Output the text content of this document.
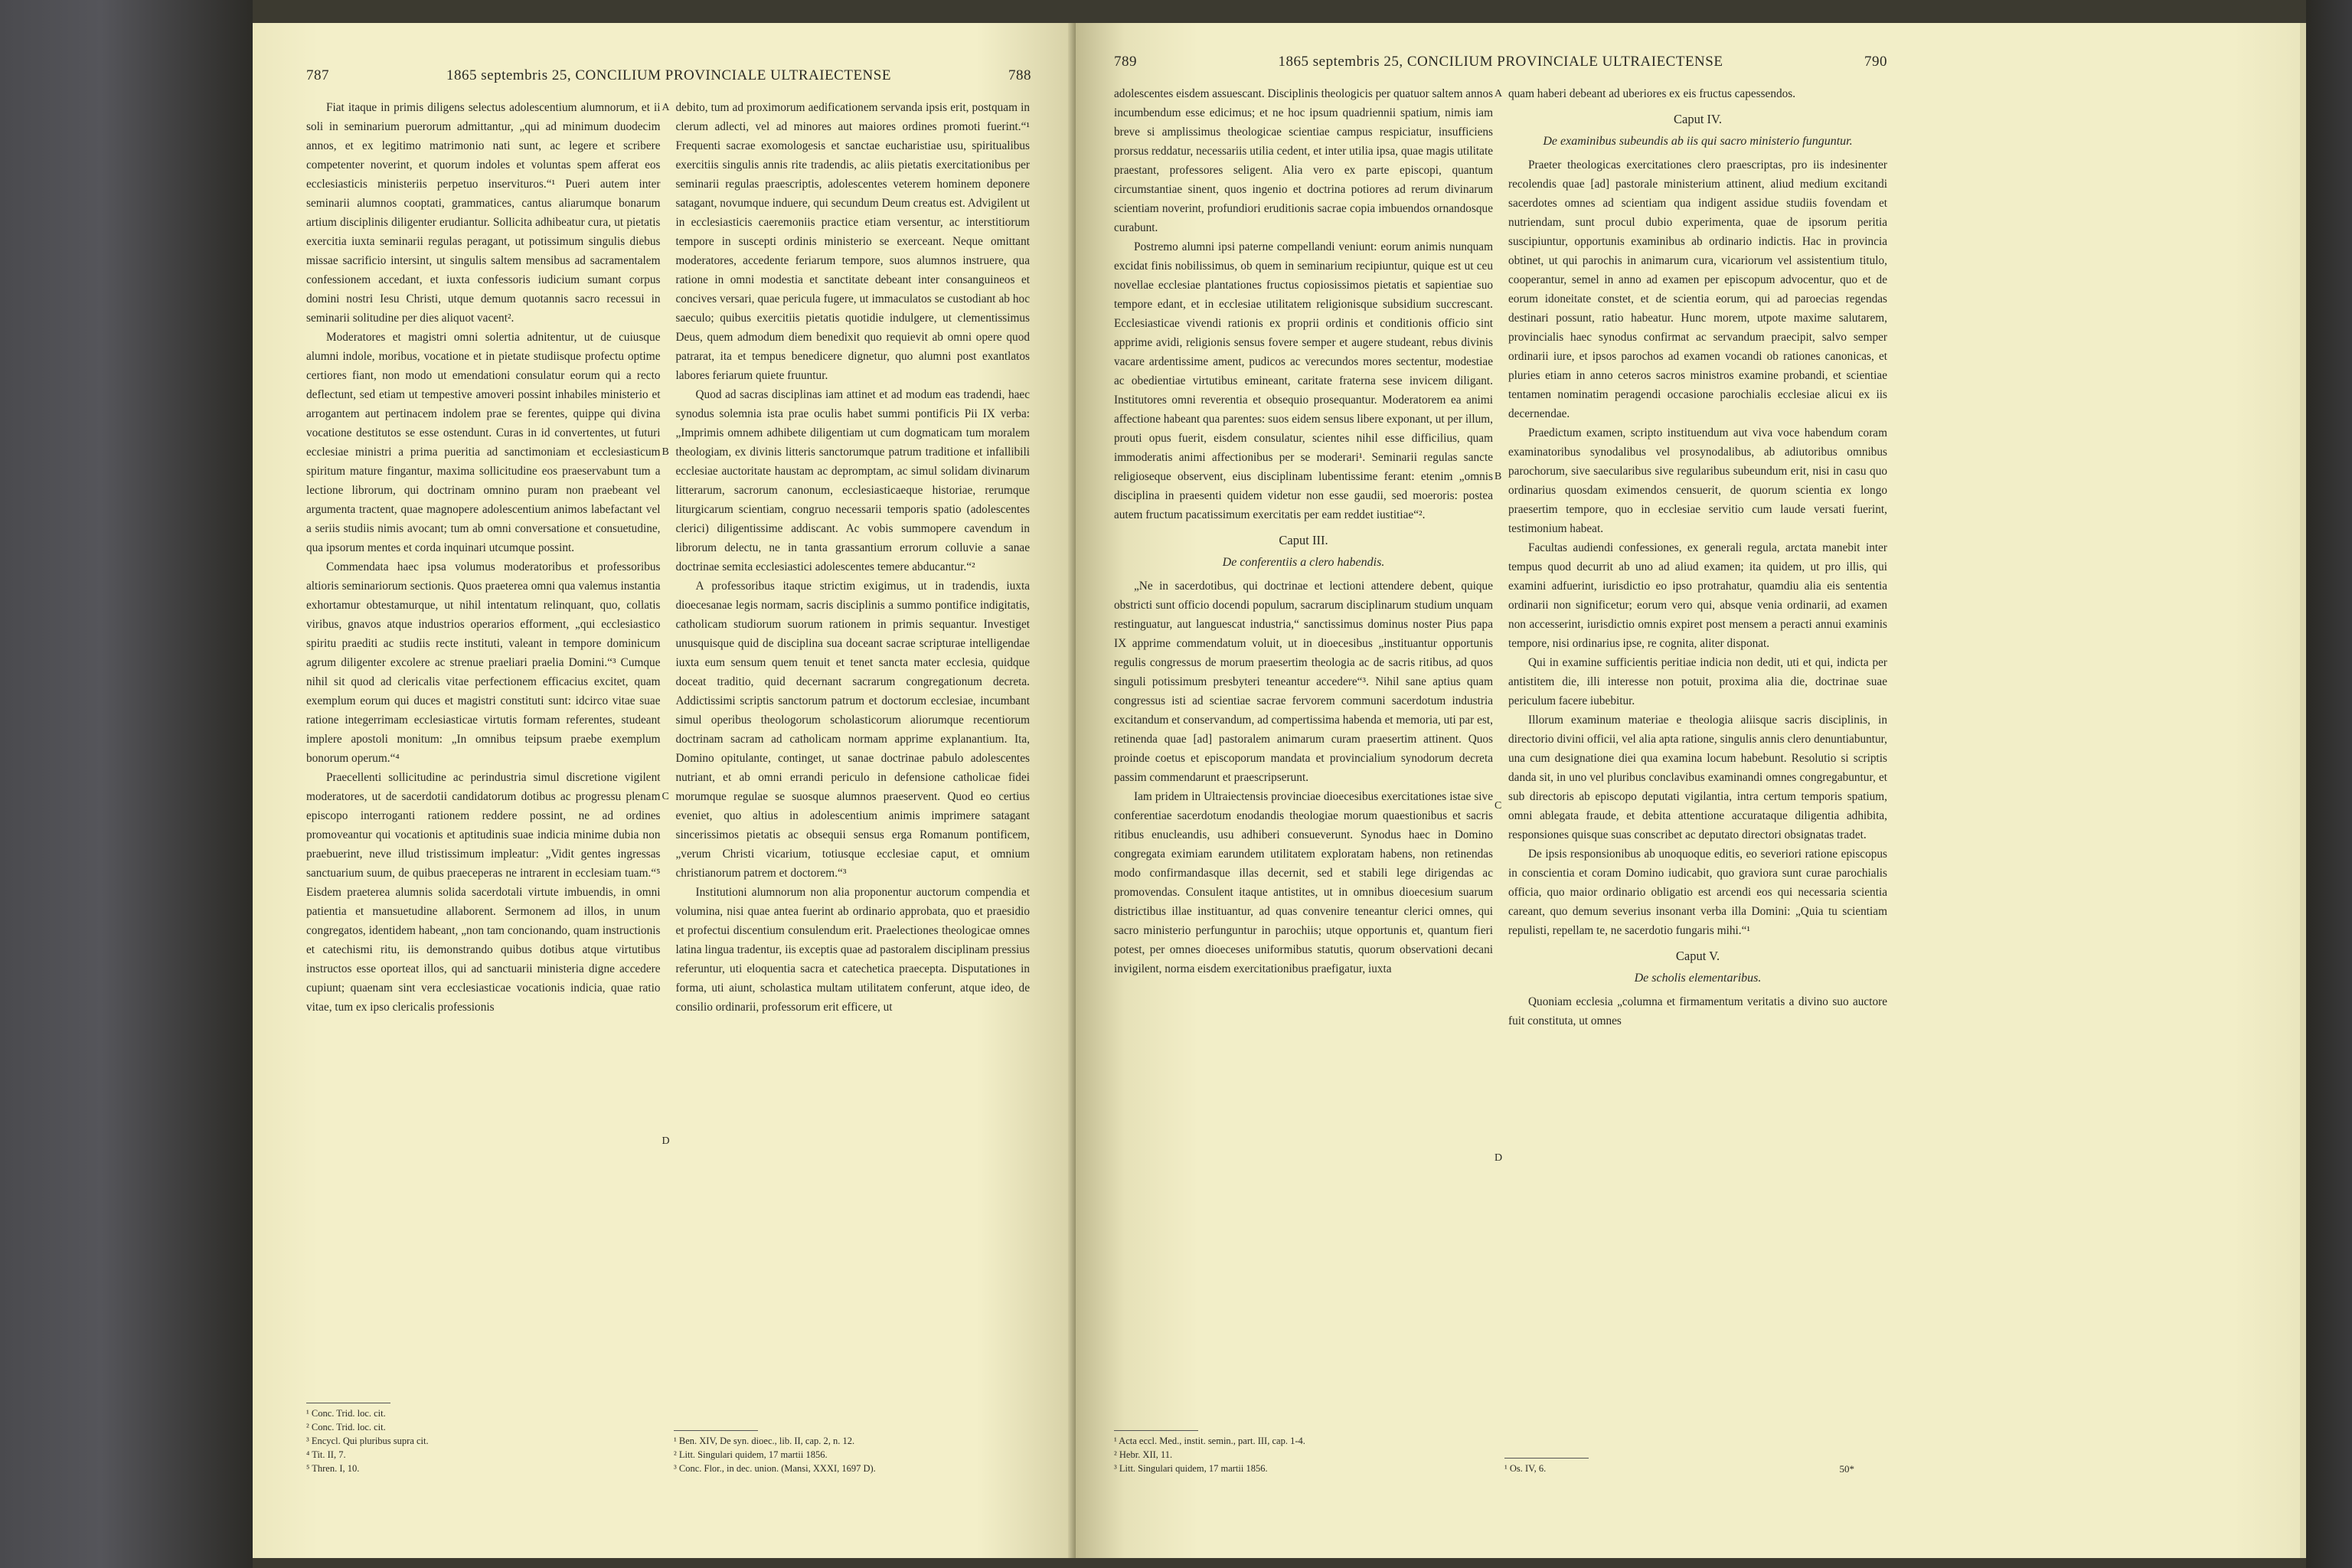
787	1865 septembris 25, CONCILIUM PROVINCIALE ULTRAIECTENSE	788

Fiat itaque in primis diligens selectus adolescentium alumnorum, et ii soli in seminarium puerorum admittantur, „qui ad minimum duodecim annos, et ex legitimo matrimonio nati sunt, ac legere et scribere competenter noverint, et quorum indoles et voluntas spem afferat eos ecclesiasticis ministeriis perpetuo inservituros.“¹ Pueri autem inter seminarii alumnos cooptati, grammatices, cantus aliarumque bonarum artium disciplinis diligenter erudiantur. Sollicita adhibeatur cura, ut pietatis exercitia iuxta seminarii regulas peragant, ut potissimum singulis diebus missae sacrificio intersint, ut singulis saltem mensibus ad sacramentalem confessionem accedant, et iuxta confessoris iudicium sumant corpus domini nostri Iesu Christi, utque demum quotannis sacro recessui in seminarii solitudine per dies aliquot vacent².

Moderatores et magistri omni solertia adnitentur, ut de cuiusque alumni indole, moribus, vocatione et in pietate studiisque profectu optime certiores fiant, non modo ut emendationi consulatur eorum qui a recto deflectunt, sed etiam ut tempestive amoveri possint inhabiles ministerio et arrogantem aut pertinacem indolem prae se ferentes, quippe qui divina vocatione destitutos se esse ostendunt. Curas in id convertentes, ut futuri ecclesiae ministri a prima pueritia ad sanctimoniam et ecclesiasticum spiritum mature fingantur, maxima sollicitudine eos praeservabunt tum a lectione librorum, qui doctrinam omnino puram non praebeant vel argumenta tractent, quae magnopere adolescentium animos labefactant vel a seriis studiis nimis avocant; tum ab omni conversatione et consuetudine, qua ipsorum mentes et corda inquinari utcumque possint.

Commendata haec ipsa volumus moderatoribus et professoribus altioris seminariorum sectionis. Quos praeterea omni qua valemus instantia exhortamur obtestamurque, ut nihil intentatum relinquant, quo, collatis viribus, gnavos atque industrios operarios efforment, „qui ecclesiastico spiritu praediti ac studiis recte instituti, valeant in tempore dominicum agrum diligenter excolere ac strenue praeliari praelia Domini.“³ Cumque nihil sit quod ad clericalis vitae perfectionem efficacius excitet, quam exemplum eorum qui duces et magistri constituti sunt: idcirco vitae suae ratione integerrimam ecclesiasticae virtutis formam referentes, studeant implere apostoli monitum: „In omnibus teipsum praebe exemplum bonorum operum.“⁴

Praecellenti sollicitudine ac perindustria simul discretione vigilent moderatores, ut de sacerdotii candidatorum dotibus ac progressu plenam episcopo interroganti rationem reddere possint, ne ad ordines promoveantur qui vocationis et aptitudinis suae indicia minime dubia non praebuerint, neve illud tristissimum impleatur: „Vidit gentes ingressas sanctuarium suum, de quibus praeceperas ne intrarent in ecclesiam tuam.“⁵ Eisdem praeterea alumnis solida sacerdotali virtute imbuendis, in omni patientia et mansuetudine allaborent. Sermonem ad illos, in unum congregatos, identidem habeant, „non tam concionando, quam instructionis et catechismi ritu, iis demonstrando quibus dotibus atque virtutibus instructos esse oporteat illos, qui ad sanctuarii ministeria digne accedere cupiunt; quaenam sint vera ecclesiasticae vocationis indicia, quae ratio vitae, tum ex ipso clericalis professionis

A
B
C
D

debito, tum ad proximorum aedificationem servanda ipsis erit, postquam in clerum adlecti, vel ad minores aut maiores ordines promoti fuerint.“¹ Frequenti sacrae exomologesis et sanctae eucharistiae usu, spiritualibus exercitiis singulis annis rite tradendis, ac aliis pietatis exercitationibus per seminarii regulas praescriptis, adolescentes veterem hominem deponere satagant, novumque induere, qui secundum Deum creatus est. Advigilent ut in ecclesiasticis caeremoniis practice etiam versentur, ac interstitiorum tempore in suscepti ordinis ministerio se exerceant. Neque omittant moderatores, accedente feriarum tempore, suos alumnos instruere, qua ratione in omni modestia et sanctitate debeant inter consanguineos et concives versari, quae pericula fugere, ut immaculatos se custodiant ab hoc saeculo; quibus exercitiis pietatis quotidie indulgere, ut clementissimus Deus, quem admodum diem benedixit quo requievit ab omni opere quod patrarat, ita et tempus benedicere dignetur, quo alumni post exantlatos labores feriarum quiete fruuntur.

Quod ad sacras disciplinas iam attinet et ad modum eas tradendi, haec synodus solemnia ista prae oculis habet summi pontificis Pii IX verba: „Imprimis omnem adhibete diligentiam ut cum dogmaticam tum moralem theologiam, ex divinis litteris sanctorumque patrum traditione et infallibili ecclesiae auctoritate haustam ac depromptam, ac simul solidam divinarum litterarum, sacrorum canonum, ecclesiasticaeque historiae, rerumque liturgicarum scientiam, congruo necessarii temporis spatio (adolescentes clerici) diligentissime addiscant. Ac vobis summopere cavendum in librorum delectu, ne in tanta grassantium errorum colluvie a sanae doctrinae semita ecclesiastici adolescentes temere abducantur.“²

A professoribus itaque strictim exigimus, ut in tradendis, iuxta dioecesanae legis normam, sacris disciplinis a summo pontifice indigitatis, catholicam studiorum suorum rationem in primis sequantur. Investiget unusquisque quid de disciplina sua doceant sacrae scripturae intelligendae iuxta eum sensum quem tenuit et tenet sancta mater ecclesia, quidque doceat traditio, quid decernant sacrarum congregationum decreta. Addictissimi scriptis sanctorum patrum et doctorum ecclesiae, incumbant simul operibus theologorum scholasticorum aliorumque recentiorum doctrinam sacram ad catholicam normam apprime explanantium. Ita, Domino opitulante, continget, ut sanae doctrinae pabulo adolescentes nutriant, et ab omni errandi periculo in defensione catholicae fidei morumque regulae se suosque alumnos praeservent. Quod eo certius eveniet, quo altius in adolescentium animis imprimere satagant sincerissimos pietatis ac obsequii sensus erga Romanum pontificem, „verum Christi vicarium, totiusque ecclesiae caput, et omnium christianorum patrem et doctorem.“³

Institutioni alumnorum non alia proponentur auctorum compendia et volumina, nisi quae antea fuerint ab ordinario approbata, quo et praesidio et profectui discentium consulendum erit. Praelectiones theologicae omnes latina lingua tradentur, iis exceptis quae ad pastoralem disciplinam pressius referuntur, uti eloquentia sacra et catechetica praecepta. Disputationes in forma, uti aiunt, scholastica multam utilitatem conferunt, atque ideo, de consilio ordinarii, professorum erit efficere, ut

¹ Conc. Trid. loc. cit.
² Conc. Trid. loc. cit.
³ Encycl. Qui pluribus supra cit.
⁴ Tit. II, 7.
⁵ Thren. I, 10.
¹ Ben. XIV, De syn. dioec., lib. II, cap. 2, n. 12.
² Litt. Singulari quidem, 17 martii 1856.
³ Conc. Flor., in dec. union. (Mansi, XXXI, 1697 D).
789	1865 septembris 25, CONCILIUM PROVINCIALE ULTRAIECTENSE	790

adolescentes eisdem assuescant. Disciplinis theologicis per quatuor saltem annos incumbendum esse edicimus; et ne hoc ipsum quadriennii spatium, nimis iam breve si amplissimus theologicae scientiae campus respiciatur, insufficiens prorsus reddatur, necessariis utilia cedent, et inter utilia ipsa, quae magis utilitate praestant, professores seligent. Alia vero ex parte episcopi, quantum circumstantiae sinent, quos ingenio et doctrina potiores ad rerum divinarum scientiam noverint, profundiori eruditionis sacrae copia imbuendos ornandosque curabunt.

Postremo alumni ipsi paterne compellandi veniunt: eorum animis nunquam excidat finis nobilissimus, ob quem in seminarium recipiuntur, quique est ut ceu novellae ecclesiae plantationes fructus copiosissimos pietatis et sapientiae suo tempore edant, et in ecclesiae utilitatem religionisque subsidium succrescant. Ecclesiasticae vivendi rationis ex proprii ordinis et conditionis officio sint apprime avidi, religionis sensus fovere semper et augere studeant, rebus divinis vacare ardentissime ament, pudicos ac verecundos mores sectentur, modestiae ac obedientiae virtutibus emineant, caritate fraterna sese invicem diligant. Institutores omni reverentia et obsequio prosequantur. Moderatorem ea animi affectione habeant qua parentes: suos eidem sensus libere exponant, ut per illum, prouti opus fuerit, eisdem consulatur, scientes nihil esse difficilius, quam immoderatis animi affectionibus per se moderari¹. Seminarii regulas sancte religioseque observent, eius disciplinam lubentissime ferant: etenim „omnis disciplina in praesenti quidem videtur non esse gaudii, sed moeroris: postea autem fructum pacatissimum exercitatis per eam reddet iustitiae“².

Caput III.
De conferentiis a clero habendis.

„Ne in sacerdotibus, qui doctrinae et lectioni attendere debent, quique obstricti sunt officio docendi populum, sacrarum disciplinarum studium unquam restinguatur, aut languescat industria,“ sanctissimus dominus noster Pius papa IX apprime commendatum voluit, ut in dioecesibus „instituantur opportunis regulis congressus de morum praesertim theologia ac de sacris ritibus, ad quos singuli potissimum presbyteri teneantur accedere“³. Nihil sane aptius quam congressus isti ad scientiae sacrae fervorem communi sacerdotum industria excitandum et conservandum, ad compertissima habenda et memoria, uti par est, retinenda quae [ad] pastoralem animarum curam praesertim attinent. Quos proinde coetus et episcoporum mandata et provincialium synodorum decreta passim commendarunt et praescripserunt.

Iam pridem in Ultraiectensis provinciae dioecesibus exercitationes istae sive conferentiae sacerdotum enodandis theologiae morum quaestionibus et sacris ritibus enucleandis, usu adhiberi consueverunt. Synodus haec in Domino congregata eximiam earundem utilitatem exploratam habens, non retinendas modo confirmandasque illas decernit, sed et stabili lege dirigendas ac promovendas. Consulent itaque antistites, ut in omnibus dioecesium suarum districtibus illae instituantur, ad quas convenire teneantur clerici omnes, qui sacro ministerio perfunguntur in parochiis; utque opportunis et, quantum fieri potest, per omnes dioeceses uniformibus statutis, quorum observationi decani invigilent, norma eisdem exercitationibus praefigatur, iuxta

A
B
C
D

quam haberi debeant ad uberiores ex eis fructus capessendos.

Caput IV.
De examinibus subeundis ab iis qui sacro ministerio funguntur.

Praeter theologicas exercitationes clero praescriptas, pro iis indesinenter recolendis quae [ad] pastorale ministerium attinent, aliud medium excitandi sacerdotes omnes ad scientiam qua indigent assidue studiis fovendam et nutriendam, sunt procul dubio experimenta, quae de ipsorum peritia suscipiuntur, opportunis examinibus ab ordinario indictis. Hac in provincia obtinet, ut qui parochis in animarum cura, vicariorum vel assistentium titulo, cooperantur, semel in anno ad examen per episcopum advocentur, quo et de eorum idoneitate constet, et de scientia eorum, qui ad paroecias regendas destinari possunt, ratio habeatur. Hunc morem, utpote maxime salutarem, provincialis haec synodus confirmat ac servandum praecipit, salvo semper ordinarii iure, et ipsos parochos ad examen vocandi ob rationes canonicas, et pluries etiam in anno ceteros sacros ministros examine probandi, et scientiae tentamen nominatim peragendi occasione parochialis ecclesiae alicui ex iis decernendae.

Praedictum examen, scripto instituendum aut viva voce habendum coram examinatoribus synodalibus vel prosynodalibus, ab adiutoribus omnibus parochorum, sive saecularibus sive regularibus subeundum erit, nisi in casu quo ordinarius quosdam eximendos censuerit, de quorum scientia ex longo praesertim tempore, quo in ecclesiae servitio cum laude versati fuerint, testimonium habeat.

Facultas audiendi confessiones, ex generali regula, arctata manebit inter tempus quod decurrit ab uno ad aliud examen; ita quidem, ut pro illis, qui examini adfuerint, iurisdictio eo ipso protrahatur, quamdiu alia eis sententia ordinarii non significetur; eorum vero qui, absque venia ordinarii, ad examen non accesserint, iurisdictio omnis expiret post mensem a peracti annui examinis tempore, nisi ordinarius ipse, re cognita, aliter disponat.

Qui in examine sufficientis peritiae indicia non dedit, uti et qui, indicta per antistitem die, illi interesse non potuit, proxima alia die, doctrinae suae periculum facere iubebitur.

Illorum examinum materiae e theologia aliisque sacris disciplinis, in directorio divini officii, vel alia apta ratione, singulis annis clero denuntiabuntur, una cum designatione diei qua examina locum habebunt. Resolutio si scriptis danda sit, in uno vel pluribus conclavibus examinandi omnes congregabuntur, et sub directoris ab episcopo deputati vigilantia, intra certum temporis spatium, omni ablegata fraude, et debita attentione accurataque diligentia adhibita, responsiones quisque suas conscribet ac deputato directori obsignatas tradet.

De ipsis responsionibus ab unoquoque editis, eo severiori ratione episcopus in conscientia et coram Domino iudicabit, quo graviora sunt curae parochialis officia, quo maior ordinario obligatio est arcendi eos qui necessaria scientia careant, quo demum severius insonant verba illa Domini: „Quia tu scientiam repulisti, repellam te, ne sacerdotio fungaris mihi.“¹

Caput V.
De scholis elementaribus.

Quoniam ecclesia „columna et firmamentum veritatis a divino suo auctore fuit constituta, ut omnes

¹ Acta eccl. Med., instit. semin., part. III, cap. 1-4.
² Hebr. XII, 11.
³ Litt. Singulari quidem, 17 martii 1856.	¹ Os. IV, 6.	50*
